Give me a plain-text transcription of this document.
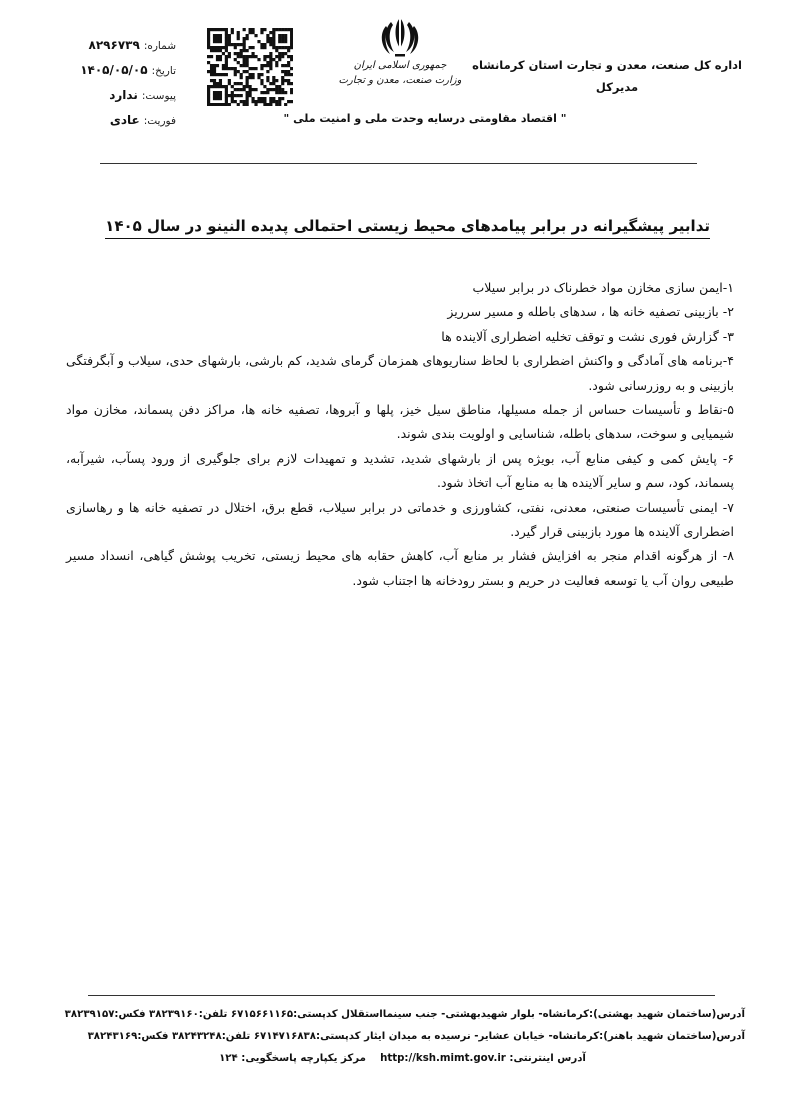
اداره کل صنعت، معدن و تجارت استان کرمانشاه
مدیرکل
جمهوری اسلامی ایران
وزارت صنعت، معدن و تجارت
" اقتصاد مقاومتی درسایه وحدت ملی و امنیت ملی "
شماره:
۸۲۹۶۷۳۹
تاریخ:
۱۴۰۵/۰۵/۰۵
پیوست:
ندارد
فوریت:
عادی
تدابیر پیشگیرانه در برابر پیامدهای محیط زیستی احتمالی پدیده النینو در سال ۱۴۰۵

۱-ایمن سازی مخازن مواد خطرناک در برابر سیلاب

۲- بازبینی تصفیه خانه ها ، سدهای باطله و مسیر سرریز

۳- گزارش فوری نشت و توقف تخلیه اضطراری آلاینده ها

۴-برنامه های آمادگی و واکنش اضطراری با لحاظ سناریوهای همزمان گرمای شدید، کم بارشی، بارشهای حدی، سیلاب و آبگرفتگی بازبینی و به روزرسانی شود.

۵-نقاط و تأسیسات حساس از جمله مسیلها، مناطق سیل خیز، پلها و آبروها، تصفیه خانه ها، مراکز دفن پسماند، مخازن مواد شیمیایی و سوخت، سدهای باطله، شناسایی و اولویت بندی شوند.

۶- پایش کمی و کیفی منابع آب، بویژه پس از بارشهای شدید، تشدید و تمهیدات لازم برای جلوگیری از ورود پسآب، شیرآبه، پسماند، کود، سم و سایر آلاینده ها به منابع آب اتخاذ شود.

۷- ایمنی تأسیسات صنعتی، معدنی، نفتی، کشاورزی و خدماتی در برابر سیلاب، قطع برق، اختلال در تصفیه خانه ها و رهاسازی اضطراری آلاینده ها مورد بازبینی قرار گیرد.

۸- از هرگونه اقدام منجر به افزایش فشار بر منابع آب، کاهش حقابه های محیط زیستی، تخریب پوشش گیاهی، انسداد مسیر طبیعی روان آب یا توسعه فعالیت در حریم و بستر رودخانه ها اجتناب شود.

آدرس(ساختمان شهید بهشتی):کرمانشاه- بلوار شهیدبهشتی- جنب سینمااستقلال کدپستی:۶۷۱۵۶۶۱۱۶۵ تلفن:۳۸۲۳۹۱۶۰ فکس:۳۸۲۳۹۱۵۷
آدرس(ساختمان شهید باهنر):کرمانشاه- خیابان عشایر- نرسیده به میدان ایثار کدپستی:۶۷۱۴۷۱۶۸۳۸ تلفن:۳۸۲۴۳۲۴۸ فکس:۳۸۲۴۳۱۶۹
آدرس اینترنتی: http://ksh.mimt.gov.ir    مرکز یکپارچه پاسخگویی: ۱۲۴
